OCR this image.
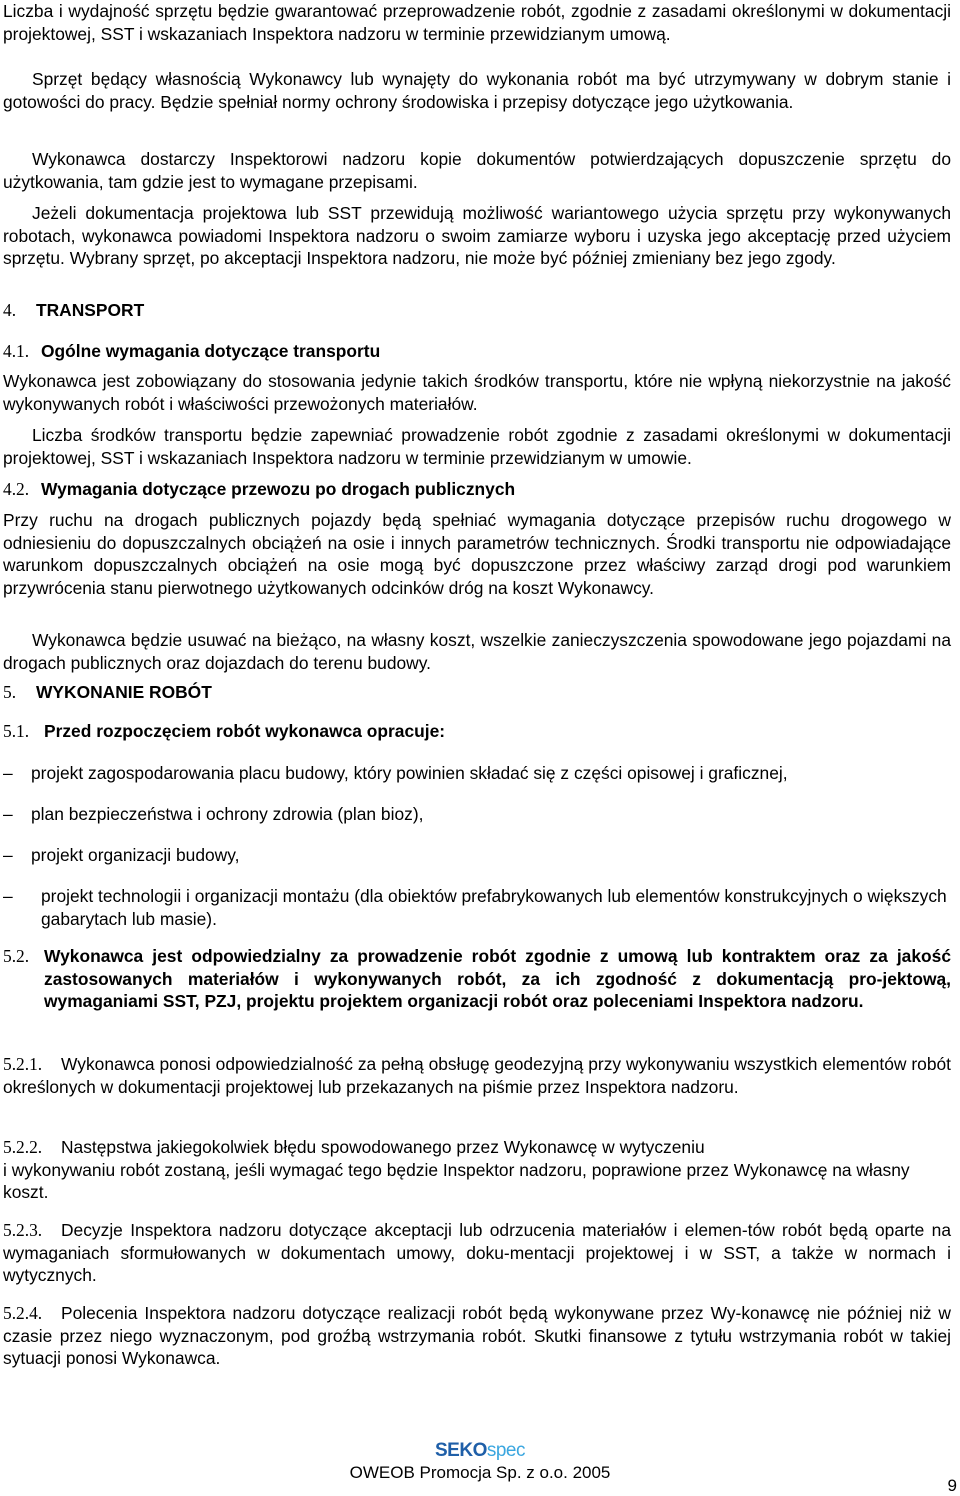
Liczba i wydajność sprzętu będzie gwarantować przeprowadzenie robót, zgodnie z zasadami określonymi w dokumentacji projektowej, SST i wskazaniach Inspektora nadzoru w terminie przewidzianym umową.

Sprzęt będący własnością Wykonawcy lub wynajęty do wykonania robót ma być utrzymywany w dobrym stanie i gotowości do pracy. Będzie spełniał normy ochrony środowiska i przepisy dotyczące jego użytkowania.

Wykonawca dostarczy Inspektorowi nadzoru kopie dokumentów potwierdzających dopuszczenie sprzętu do użytkowania, tam gdzie jest to wymagane przepisami.

Jeżeli dokumentacja projektowa lub SST przewidują możliwość wariantowego użycia sprzętu przy wykonywanych robotach, wykonawca powiadomi Inspektora nadzoru o swoim zamiarze wyboru i uzyska jego akceptację przed użyciem sprzętu. Wybrany sprzęt, po akceptacji Inspektora nadzoru, nie może być później zmieniany bez jego zgody.

4. TRANSPORT
4.1. Ogólne wymagania dotyczące transportu

Wykonawca jest zobowiązany do stosowania jedynie takich środków transportu, które nie wpłyną niekorzystnie na jakość wykonywanych robót i właściwości przewożonych materiałów.

Liczba środków transportu będzie zapewniać prowadzenie robót zgodnie z zasadami określonymi w dokumentacji projektowej, SST i wskazaniach Inspektora nadzoru w terminie przewidzianym w umowie.

4.2. Wymagania dotyczące przewozu po drogach publicznych

Przy ruchu na drogach publicznych pojazdy będą spełniać wymagania dotyczące przepisów ruchu drogowego w odniesieniu do dopuszczalnych obciążeń na osie i innych parametrów technicznych. Środki transportu nie odpowiadające warunkom dopuszczalnych obciążeń na osie mogą być dopuszczone przez właściwy zarząd drogi pod warunkiem przywrócenia stanu pierwotnego użytkowanych odcinków dróg na koszt Wykonawcy.

Wykonawca będzie usuwać na bieżąco, na własny koszt, wszelkie zanieczyszczenia spowodowane jego pojazdami na drogach publicznych oraz dojazdach do terenu budowy.

5. WYKONANIE ROBÓT
5.1. Przed rozpoczęciem robót wykonawca opracuje:

– projekt zagospodarowania placu budowy, który powinien składać się z części opisowej i graficznej,

– plan bezpieczeństwa i ochrony zdrowia (plan bioz),

– projekt organizacji budowy,

– projekt technologii i organizacji montażu (dla obiektów prefabrykowanych lub elementów konstrukcyjnych o większych gabarytach lub masie).

5.2. Wykonawca jest odpowiedzialny za prowadzenie robót zgodnie z umową lub kontraktem oraz za jakość zastosowanych materiałów i wykonywanych robót, za ich zgodność z dokumentacją pro-jektową, wymaganiami SST, PZJ, projektu projektem organizacji robót oraz poleceniami Inspektora nadzoru.

5.2.1. Wykonawca ponosi odpowiedzialność za pełną obsługę geodezyjną przy wykonywaniu wszystkich elementów robót określonych w dokumentacji projektowej lub przekazanych na piśmie przez Inspektora nadzoru.

5.2.2. Następstwa jakiegokolwiek błędu spowodowanego przez Wykonawcę w wytyczeniu
i wykonywaniu robót zostaną, jeśli wymagać tego będzie Inspektor nadzoru, poprawione przez Wykonawcę na własny koszt.

5.2.3. Decyzje Inspektora nadzoru dotyczące akceptacji lub odrzucenia materiałów i elemen-tów robót będą oparte na wymaganiach sformułowanych w dokumentach umowy, doku-mentacji projektowej i w SST, a także w normach i wytycznych.

5.2.4. Polecenia Inspektora nadzoru dotyczące realizacji robót będą wykonywane przez Wy-konawcę nie później niż w czasie przez niego wyznaczonym, pod groźbą wstrzymania robót. Skutki finansowe z tytułu wstrzymania robót w takiej sytuacji ponosi Wykonawca.

SEKOspec
OWEOB Promocja Sp. z o.o. 2005
9
